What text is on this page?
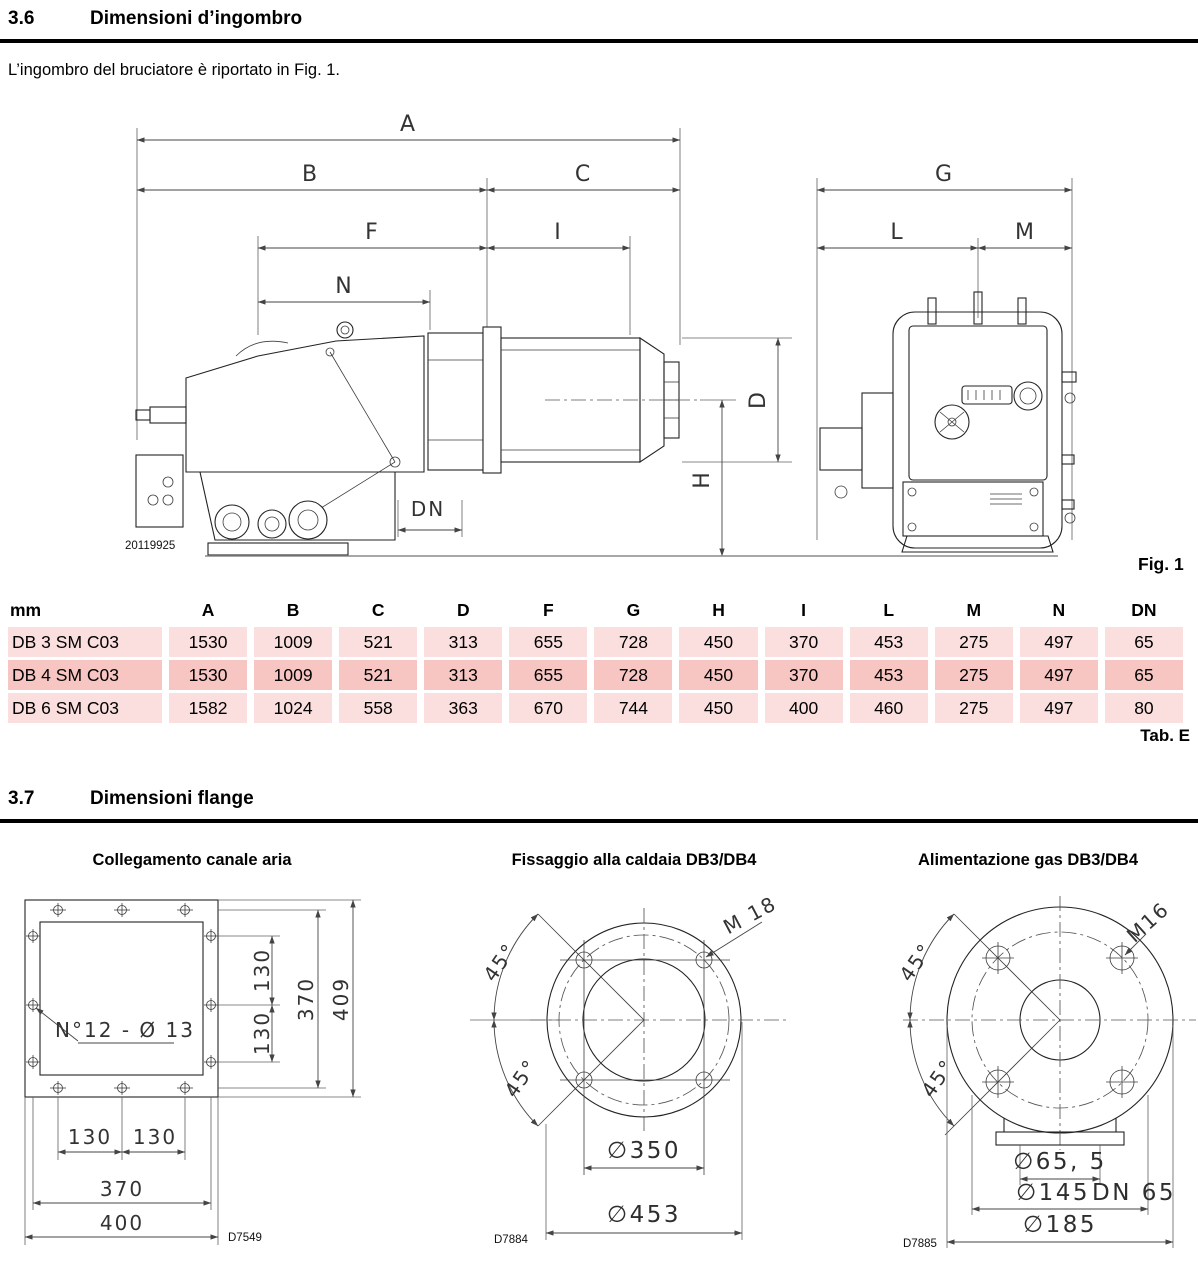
3.6	Dimensioni d’ingombro
L’ingombro del bruciatore è riportato in Fig. 1.
A
B	C
F	I
N
G
L	M
DN
D
H
20119925
Fig. 1
mm	A	B	C	D	F	G	H	I	L	M	N	DN
DB 3 SM C03	1530	1009	521	313	655	728	450	370	453	275	497	65
DB 4 SM C03	1530	1009	521	313	655	728	450	370	453	275	497	65
DB 6 SM C03	1582	1024	558	363	670	744	450	400	460	275	497	80
Tab. E
3.7	Dimensioni flange
Collegamento canale aria	Fissaggio alla caldaia DB3/DB4	Alimentazione gas DB3/DB4
N°12 - Ø 13
130
130
370 409
130 130
370
400
D7549
45°
45°
M 18
∅350
∅453
D7884
45°
45°
M16
∅65, 5
∅145 DN 65
∅185
D7885
